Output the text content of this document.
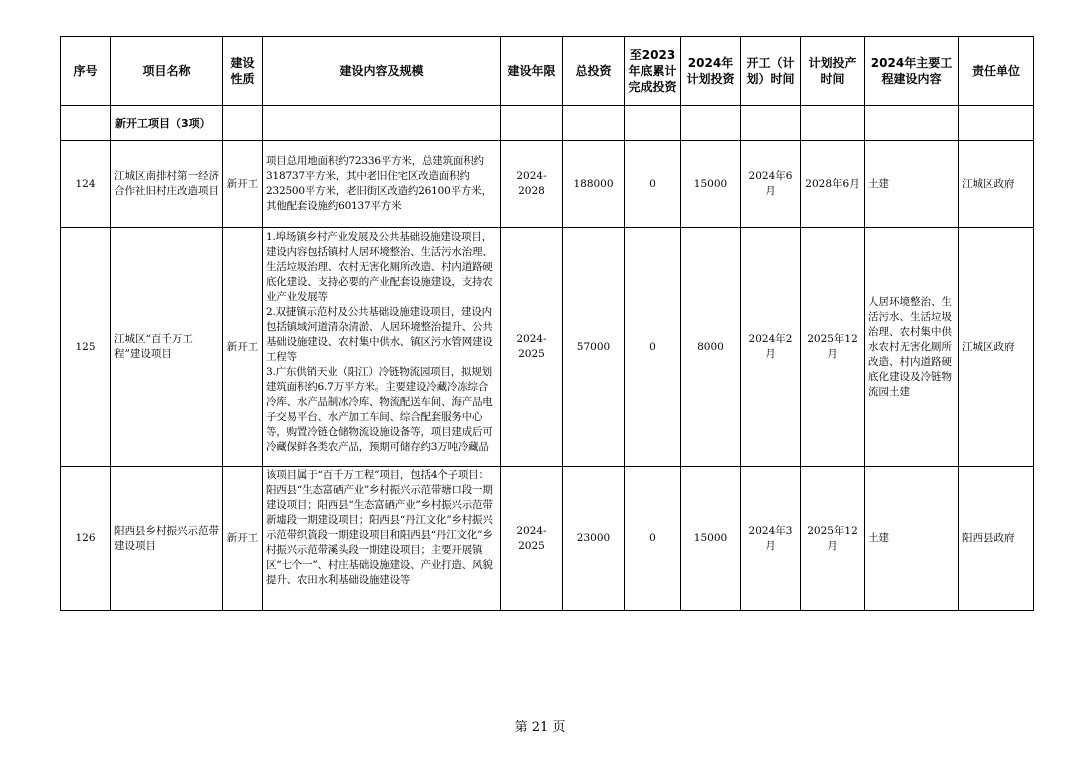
序号	项目名称	建设性质	建设内容及规模	建设年限	总投资	至2023年底累计完成投资	2024年计划投资	开工（计划）时间	计划投产时间	2024年主要工程建设内容	责任单位
	新开工项目（3项）										
124	江城区南排村第一经济合作社旧村庄改造项目	新开工	项目总用地面积约72336平方米，总建筑面积约318737平方米，其中老旧住宅区改造面积约232500平方米，老旧街区改造约26100平方米，其他配套设施约60137平方米	2024-2028	188000	0	15000	2024年6月	2028年6月	土建	江城区政府
125	江城区“百千万工程”建设项目	新开工	1.埠场镇乡村产业发展及公共基础设施建设项目，建设内容包括镇村人居环境整治、生活污水治理、生活垃圾治理、农村无害化厕所改造、村内道路硬底化建设、支持必要的产业配套设施建设，支持农业产业发展等
2.双捷镇示范村及公共基础设施建设项目，建设内包括镇域河道清杂清淤、人居环境整治提升、公共基础设施建设、农村集中供水、镇区污水管网建设工程等
3.广东供销天业（阳江）冷链物流园项目，拟规划建筑面积约6.7万平方米。主要建设冷藏冷冻综合冷库、水产品制冰冷库、物流配送车间、海产品电子交易平台、水产加工车间、综合配套服务中心等，购置冷链仓储物流设施设备等，项目建成后可冷藏保鲜各类农产品，预期可储存约3万吨冷藏品	2024-2025	57000	0	8000	2024年2月	2025年12月	人居环境整治、生活污水、生活垃圾治理、农村集中供水农村无害化厕所改造、村内道路硬底化建设及冷链物流园土建	江城区政府
126	阳西县乡村振兴示范带建设项目	新开工	该项目属于“百千万工程”项目，包括4个子项目：阳西县“生态富硒产业”乡村振兴示范带塘口段一期建设项目；阳西县“生态富硒产业”乡村振兴示范带新墟段一期建设项目；阳西县“丹江文化”乡村振兴示范带织篢段一期建设项目和阳西县“丹江文化”乡村振兴示范带溪头段一期建设项目；主要开展镇区“七个一”、村庄基础设施建设、产业打造、风貌提升、农田水利基础设施建设等	2024-2025	23000	0	15000	2024年3月	2025年12月	土建	阳西县政府
第 21 页
